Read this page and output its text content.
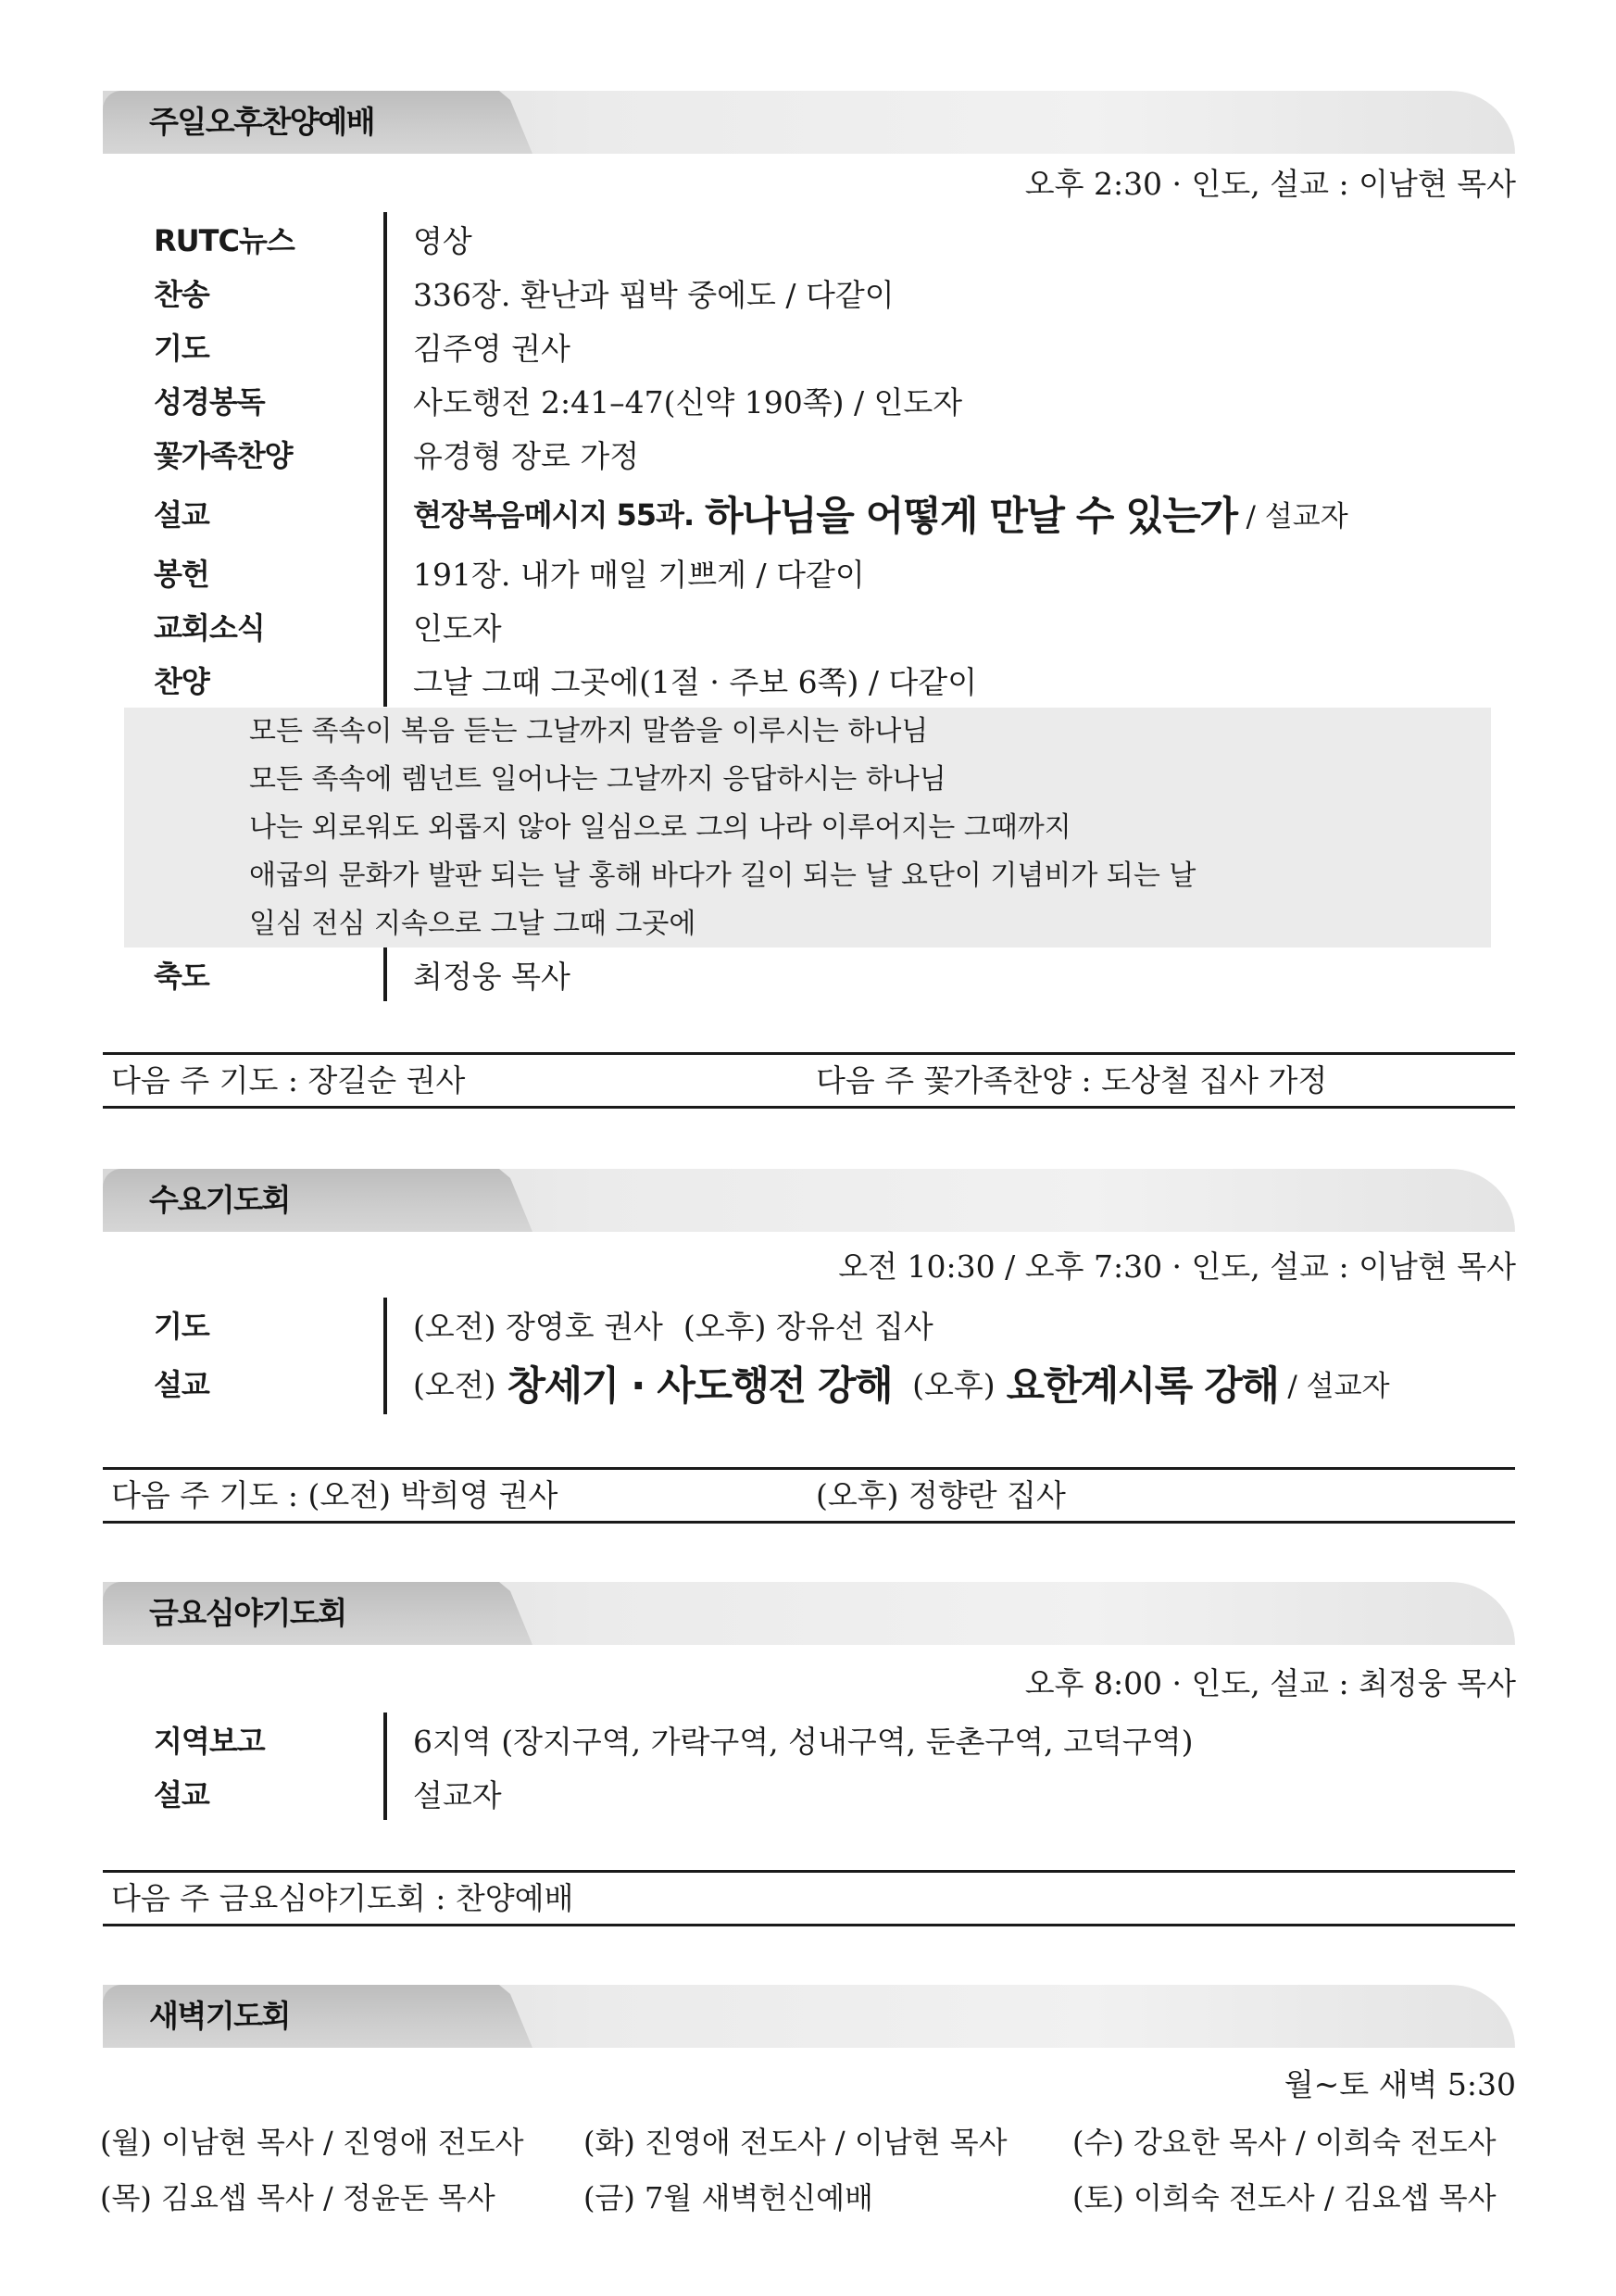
주일오후찬양예배
오후 2:30 · 인도, 설교 : 이남현 목사
RUTC뉴스	영상
찬송	336장. 환난과 핍박 중에도 / 다같이
기도	김주영 권사
성경봉독	사도행전 2:41–47(신약 190쪽) / 인도자
꽃가족찬양	유경형 장로 가정
설교	현장복음메시지 55과. 하나님을 어떻게 만날 수 있는가 / 설교자
봉헌	191장. 내가 매일 기쁘게 / 다같이
교회소식	인도자
찬양	그날 그때 그곳에(1절 · 주보 6쪽) / 다같이
모든 족속이 복음 듣는 그날까지 말씀을 이루시는 하나님
모든 족속에 렘넌트 일어나는 그날까지 응답하시는 하나님
나는 외로워도 외롭지 않아 일심으로 그의 나라 이루어지는 그때까지
애굽의 문화가 발판 되는 날 홍해 바다가 길이 되는 날 요단이 기념비가 되는 날
일심 전심 지속으로 그날 그때 그곳에
축도	최정웅 목사
다음 주 기도 : 장길순 권사	다음 주 꽃가족찬양 : 도상철 집사 가정
수요기도회
오전 10:30 / 오후 7:30 · 인도, 설교 : 이남현 목사
기도	(오전) 장영호 권사 (오후) 장유선 집사
설교	(오전) 창세기 · 사도행전 강해 (오후) 요한계시록 강해 / 설교자
다음 주 기도 : (오전) 박희영 권사	(오후) 정향란 집사
금요심야기도회
오후 8:00 · 인도, 설교 : 최정웅 목사
지역보고	6지역 (장지구역, 가락구역, 성내구역, 둔촌구역, 고덕구역)
설교	설교자
다음 주 금요심야기도회 : 찬양예배
새벽기도회
월~토 새벽 5:30
(월) 이남현 목사 / 진영애 전도사 (화) 진영애 전도사 / 이남현 목사 (수) 강요한 목사 / 이희숙 전도사
(목) 김요셉 목사 / 정윤돈 목사	(금) 7월 새벽헌신예배	(토) 이희숙 전도사 / 김요셉 목사
